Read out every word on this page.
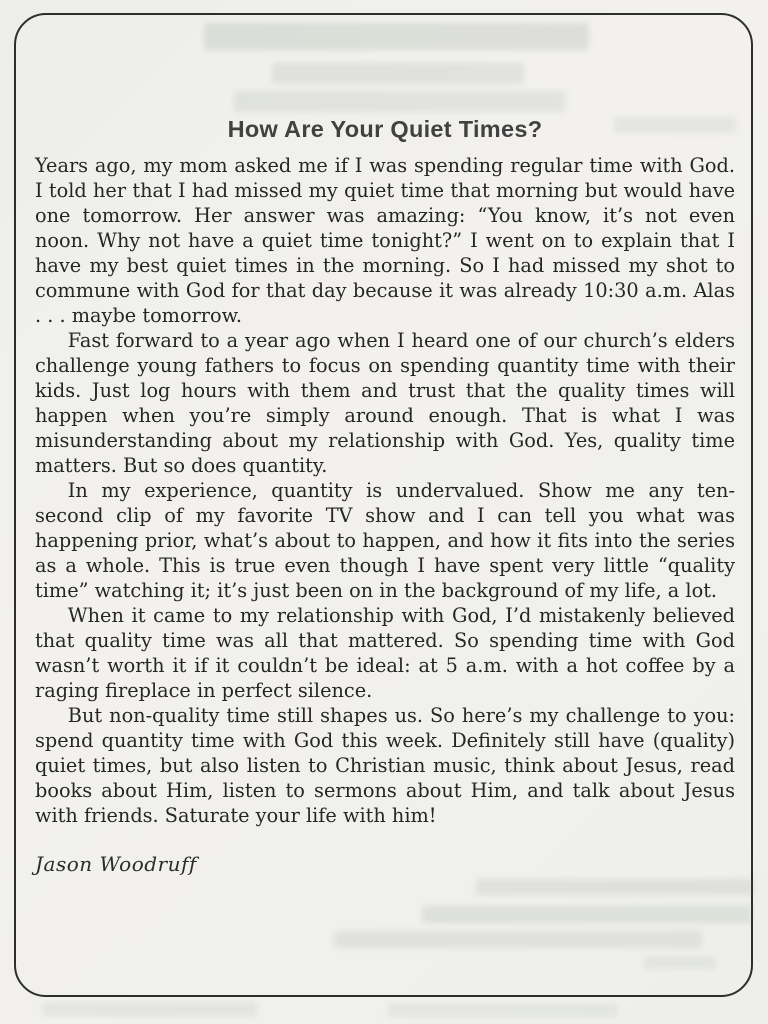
How Are Your Quiet Times?

Years ago, my mom asked me if I was spending regular time with God. I told her that I had missed my quiet time that morning but would have one tomorrow. Her answer was amazing: “You know, it’s not even noon. Why not have a quiet time tonight?” I went on to explain that I have my best quiet times in the morning. So I had missed my shot to commune with God for that day because it was already 10:30 a.m. Alas . . . maybe tomorrow.

Fast forward to a year ago when I heard one of our church’s elders challenge young fathers to focus on spending quantity time with their kids. Just log hours with them and trust that the quality times will happen when you’re simply around enough. That is what I was misunderstanding about my relationship with God. Yes, quality time matters. But so does quantity.

In my experience, quantity is undervalued. Show me any ten-second clip of my favorite TV show and I can tell you what was happening prior, what’s about to happen, and how it fits into the series as a whole. This is true even though I have spent very little “quality time” watching it; it’s just been on in the background of my life, a lot.

When it came to my relationship with God, I’d mistakenly believed that quality time was all that mattered. So spending time with God wasn’t worth it if it couldn’t be ideal: at 5 a.m. with a hot coffee by a raging fireplace in perfect silence.

But non-quality time still shapes us. So here’s my challenge to you: spend quantity time with God this week. Definitely still have (quality) quiet times, but also listen to Christian music, think about Jesus, read books about Him, listen to sermons about Him, and talk about Jesus with friends. Saturate your life with him!

Jason Woodruff
